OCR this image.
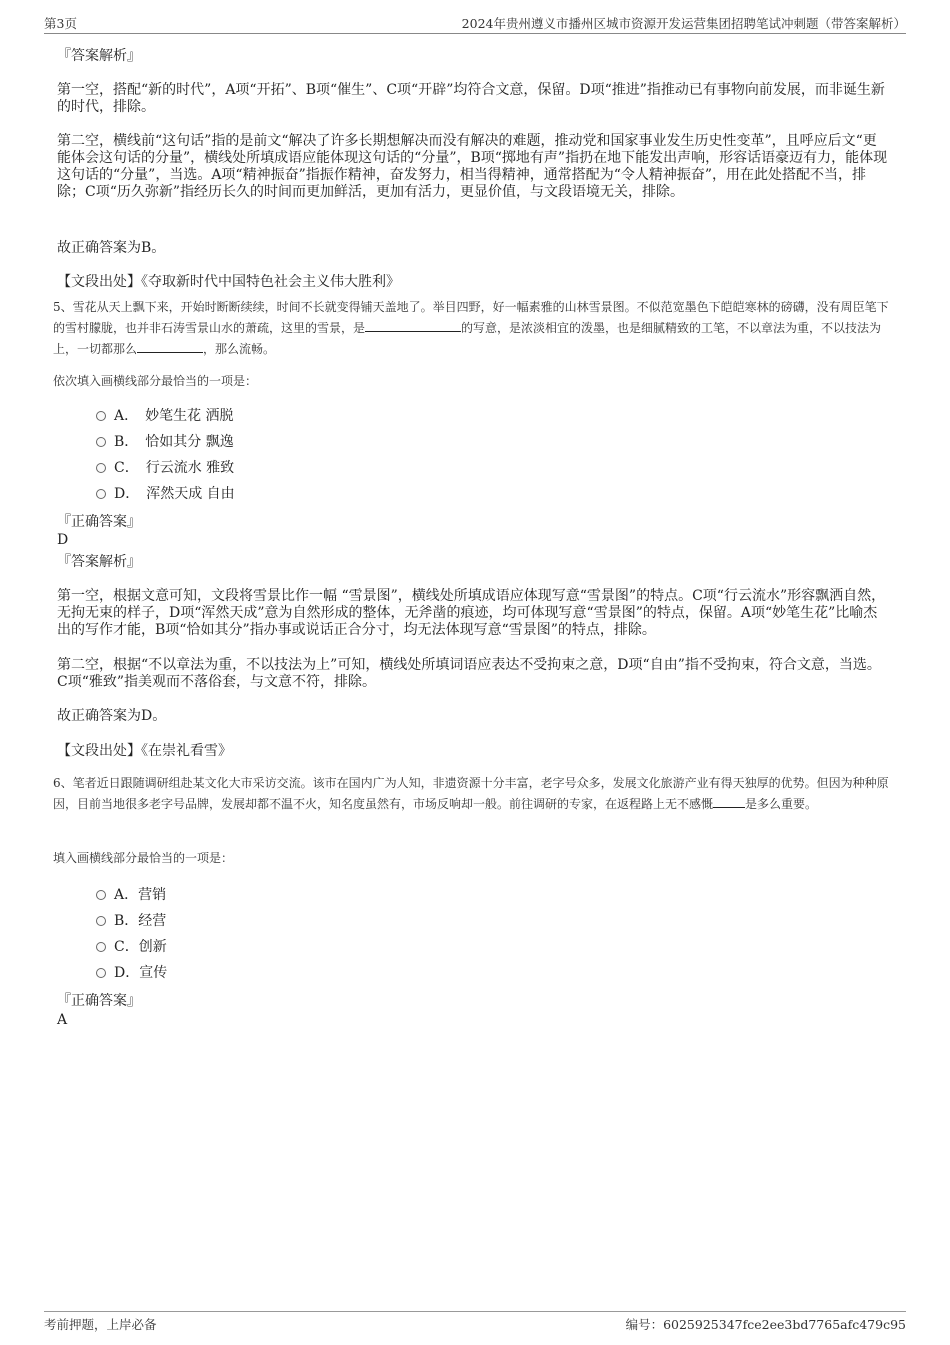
第3页	2024年贵州遵义市播州区城市资源开发运营集团招聘笔试冲刺题（带答案解析）

『答案解析』

第一空，搭配“新的时代”，A项“开拓”、B项“催生”、C项“开辟”均符合文意，保留。D项“推进”指推动已有事物向前发展，而非诞生新的时代，排除。

第二空，横线前“这句话”指的是前文“解决了许多长期想解决而没有解决的难题，推动党和国家事业发生历史性变革”，且呼应后文“更能体会这句话的分量”，横线处所填成语应能体现这句话的“分量”，B项“掷地有声”指扔在地下能发出声响，形容话语豪迈有力，能体现这句话的“分量”，当选。A项“精神振奋”指振作精神，奋发努力，相当得精神，通常搭配为“令人精神振奋”，用在此处搭配不当，排除；C项“历久弥新”指经历长久的时间而更加鲜活，更加有活力，更显价值，与文段语境无关，排除。

故正确答案为B。

【文段出处】《夺取新时代中国特色社会主义伟大胜利》

5、雪花从天上飘下来，开始时断断续续，时间不长就变得铺天盖地了。举目四野，好一幅素雅的山林雪景图。不似范宽墨色下皑皑寒林的磅礴，没有周臣笔下的雪村朦胧，也并非石涛雪景山水的萧疏，这里的雪景，是	的写意，是浓淡相宜的泼墨，也是细腻精致的工笔，不以章法为重，不以技法为上，一切都那么	，那么流畅。

依次填入画横线部分最恰当的一项是：

A．　妙笔生花 洒脱
B．　恰如其分 飘逸
C．　行云流水 雅致
D．　浑然天成 自由
『正确答案』
D
『答案解析』

第一空，根据文意可知，文段将雪景比作一幅 “雪景图”，横线处所填成语应体现写意“雪景图”的特点。C项“行云流水”形容飘洒自然，无拘无束的样子，D项“浑然天成”意为自然形成的整体，无斧凿的痕迹，均可体现写意“雪景图”的特点，保留。A项“妙笔生花”比喻杰出的写作才能，B项“恰如其分”指办事或说话正合分寸，均无法体现写意“雪景图”的特点，排除。

第二空，根据“不以章法为重，不以技法为上”可知，横线处所填词语应表达不受拘束之意，D项“自由”指不受拘束，符合文意，当选。C项“雅致”指美观而不落俗套，与文意不符，排除。

故正确答案为D。

【文段出处】《在崇礼看雪》

6、笔者近日跟随调研组赴某文化大市采访交流。该市在国内广为人知，非遗资源十分丰富，老字号众多，发展文化旅游产业有得天独厚的优势。但因为种种原因，目前当地很多老字号品牌，发展却都不温不火，知名度虽然有，市场反响却一般。前往调研的专家，在返程路上无不感慨	是多么重要。

填入画横线部分最恰当的一项是：

A．营销
B．经营
C．创新
D．宣传
『正确答案』
A
考前押题，上岸必备	编号：6025925347fce2ee3bd7765afc479c95
